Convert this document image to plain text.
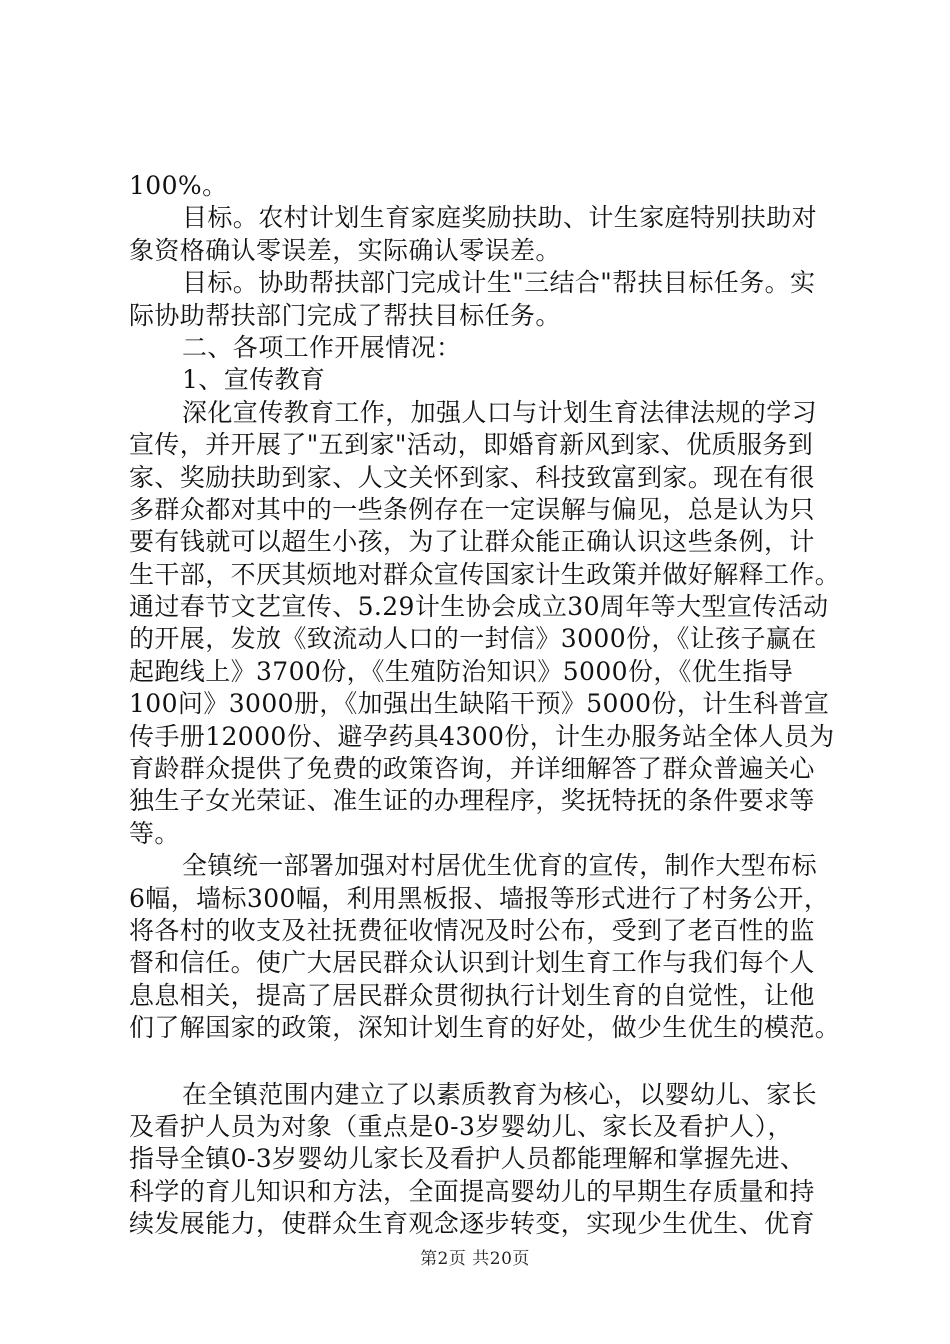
100%。
目标。农村计划生育家庭奖励扶助、计生家庭特别扶助对
象资格确认零误差，实际确认零误差。
目标。协助帮扶部门完成计生"三结合"帮扶目标任务。实
际协助帮扶部门完成了帮扶目标任务。
二、各项工作开展情况：
1、宣传教育
深化宣传教育工作，加强人口与计划生育法律法规的学习
宣传，并开展了"五到家"活动，即婚育新风到家、优质服务到
家、奖励扶助到家、人文关怀到家、科技致富到家。现在有很
多群众都对其中的一些条例存在一定误解与偏见，总是认为只
要有钱就可以超生小孩，为了让群众能正确认识这些条例，计
生干部，不厌其烦地对群众宣传国家计生政策并做好解释工作。
通过春节文艺宣传、5.29计生协会成立30周年等大型宣传活动
的开展，发放《致流动人口的一封信》3000份，《让孩子赢在
起跑线上》3700份，《生殖防治知识》5000份，《优生指导
100问》3000册，《加强出生缺陷干预》5000份，计生科普宣
传手册12000份、避孕药具4300份，计生办服务站全体人员为
育龄群众提供了免费的政策咨询，并详细解答了群众普遍关心
独生子女光荣证、准生证的办理程序，奖抚特抚的条件要求等
等。
全镇统一部署加强对村居优生优育的宣传，制作大型布标
6幅，墙标300幅，利用黑板报、墙报等形式进行了村务公开，
将各村的收支及社抚费征收情况及时公布，受到了老百性的监
督和信任。使广大居民群众认识到计划生育工作与我们每个人
息息相关，提高了居民群众贯彻执行计划生育的自觉性，让他
们了解国家的政策，深知计划生育的好处，做少生优生的模范。
在全镇范围内建立了以素质教育为核心，以婴幼儿、家长
及看护人员为对象（重点是0-3岁婴幼儿、家长及看护人），
指导全镇0-3岁婴幼儿家长及看护人员都能理解和掌握先进、
科学的育儿知识和方法，全面提高婴幼儿的早期生存质量和持
续发展能力，使群众生育观念逐步转变，实现少生优生、优育
第2页 共20页
